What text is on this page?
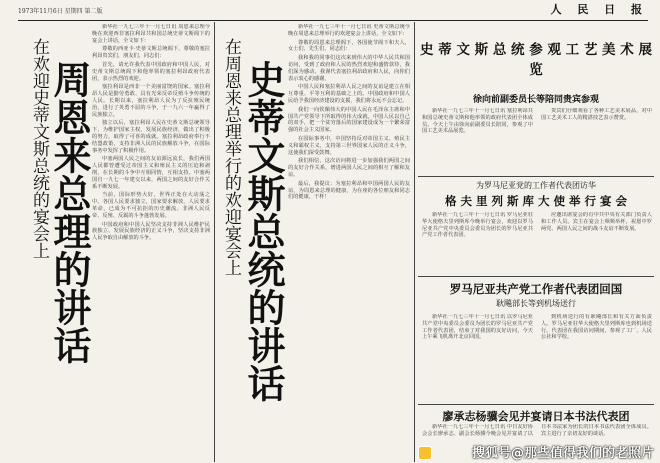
1973年11月6日 星期四 第二版	人 民 日 报
在欢迎史蒂文斯总统的宴会上
周恩来总理的讲话

新华社一九七三年十一月七日讯 周恩来总理今晚在欢迎西非塞拉利昂共和国总统史蒂文斯阁下的宴会上讲话，全文如下：

尊敬的西亚卡·史蒂文斯总统阁下，尊敬的塞拉利昂贵宾们，朋友们，同志们：

首先，请允许我代表中国政府和中国人民，对史蒂文斯总统阁下和他率领的塞拉利昂政府代表团，表示热烈的欢迎。

塞拉利昂是西非一个美丽富饶的国家。塞拉利昂人民是勤劳勇敢、具有光荣反帝反殖斗争传统的人民。长期以来，塞拉利昂人民为了反抗殖民统治，进行了英勇不屈的斗争，于一九六一年赢得了民族独立。

独立以后，塞拉利昂人民在史蒂文斯总统领导下，为维护国家主权，发展民族经济，做出了积极的努力，取得了可喜的成就。塞拉利昂政府奉行不结盟政策，支持非洲人民的民族解放斗争，在国际事务中发挥了积极作用。

中塞两国人民之间的友谊源远流长，我们两国人民都曾遭受过帝国主义和殖民主义的压迫和剥削，在长期的斗争中互相同情，互相支持。中塞两国自一九七一年建交以来，两国之间的友好合作关系不断发展。

当前，国际形势大好，世界正处在大动荡之中。各国人民要求独立，国家要求解放，人民要求革命，已成为不可抗拒的历史潮流。非洲人民反帝、反殖、反霸的斗争蓬勃发展。

中国政府和中国人民坚决支持非洲人民维护民族独立、发展民族经济的正义斗争，坚决支持非洲人民争取自由解放的斗争。	在周恩来总理举行的欢迎宴会上 史蒂文斯总统的讲话

新华社一九七三年十一月七日讯 史蒂文斯总统今晚在周恩来总理举行的欢迎宴会上讲话，全文如下：

尊敬的周恩来总理阁下，各国使节阁下和夫人，女士们、先生们、同志们：

我和我的同事们这次来到伟大的中华人民共和国访问，受到了政府和人民的热烈欢迎和盛情款待，我们深为感动。我谨代表塞拉利昂政府和人民，向你们表示衷心的感谢。

中国人民和塞拉利昂人民之间的友谊是建立在相互尊重、平等互利的基础之上的。中国政府和中国人民给予我国经济建设的支援，我们将永远不会忘记。

我们一向钦佩伟大的中国人民在毛泽东主席和中国共产党领导下所取得的伟大成就。中国人民以自己的双手，把一个贫穷落后的国家建设成为一个繁荣富强的社会主义国家。

在国际事务中，中国坚持反对帝国主义、殖民主义和霸权主义，支持第三世界国家人民的正义斗争，这使我们深受鼓舞。

我们相信，这次访问将进一步加强我们两国之间的友好合作关系，增进两国人民之间的相互了解和友谊。

最后，我提议：为塞拉利昂和中国两国人民的友谊，为周恩来总理的健康，为在座的各位朋友和同志们的健康，干杯！

史 蒂 文 斯 总 统 参 观 工 艺 美 术 展 览
徐向前副委员长等陪同贵宾参观

新华社一九七三年十一月七日讯 塞拉利昂共和国总统史蒂文斯和他率领的政府代表团全体成员，今天上午由徐向前副委员长陪同，参观了中国工艺美术品展览。

贵宾们仔细观看了各种工艺美术展品，对中国工艺美术工人的精湛技艺表示赞赏。

为罗马尼亚党的工作者代表团访华
格 夫 里 列 斯 库 大 使 举 行 宴 会

新华社一九七三年十一月七日讯 罗马尼亚驻华大使格夫里列斯库今晚举行宴会，欢迎以罗马尼亚共产党中央委员会委员为团长的罗马尼亚共产党工作者代表团。

应邀出席宴会的有中共中央有关部门负责人和工作人员。宾主在宴会上频频举杯，祝愿中罗两党、两国人民之间的战斗友谊不断发展。

罗马尼亚共产党工作者代表团回国
耿飚部长等到机场送行

新华社一九七三年十一月七日讯 以罗马尼亚共产党中央委员会委员为团长的罗马尼亚共产党工作者代表团，结束了对我国的友好访问，今天上午乘飞机离开北京回国。

到机场送行的有耿飚部长和有关方面负责人。罗马尼亚驻华大使格夫里列斯库也到机场送行。代表团在我国访问期间，参观了工厂、人民公社和学校。

廖承志杨骥会见并宴请日本书法代表团

新华社一九七三年十一月七日讯 中日友好协会会长廖承志、副会长杨骥今晚会见并宴请了以日本书法家为团长的日本书法代表团全体成员。宾主进行了亲切友好的谈话。

搜狐号@那些值得我们的老照片
